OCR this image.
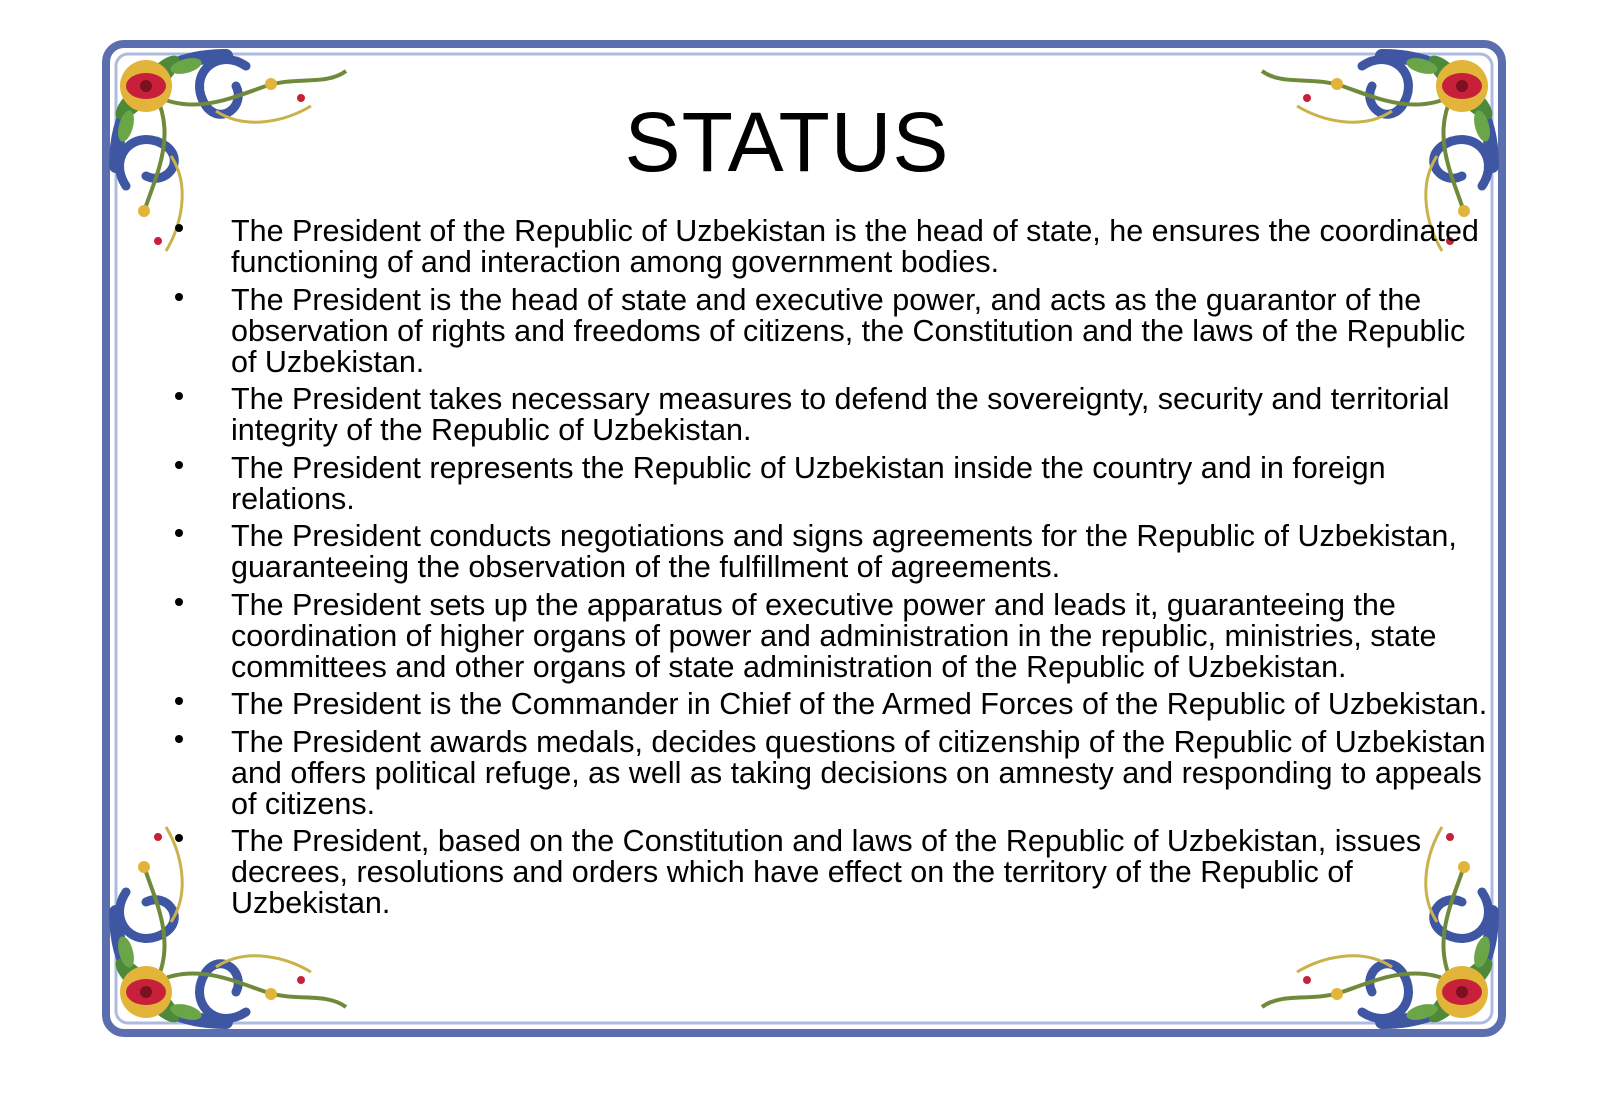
STATUS
The President of the Republic of Uzbekistan is the head of state, he ensures the coordinated functioning of and interaction among government bodies.
The President is the head of state and executive power, and acts as the guarantor of the observation of rights and freedoms of citizens, the Constitution and the laws of the Republic of Uzbekistan.
The President takes necessary measures to defend the sovereignty, security and territorial integrity of the Republic of Uzbekistan.
The President represents the Republic of Uzbekistan inside the country and in foreign relations.
The President conducts negotiations and signs agreements for the Republic of Uzbekistan, guaranteeing the observation of the fulfillment of agreements.
The President sets up the apparatus of executive power and leads it, guaranteeing the coordination of higher organs of power and administration in the republic, ministries, state committees and other organs of state administration of the Republic of Uzbekistan.
The President is the Commander in Chief of the Armed Forces of the Republic of Uzbekistan.
The President awards medals, decides questions of citizenship of the Republic of Uzbekistan and offers political refuge, as well as taking decisions on amnesty and responding to appeals of citizens.
The President, based on the Constitution and laws of the Republic of Uzbekistan, issues decrees, resolutions and orders which have effect on the territory of the Republic of Uzbekistan.
